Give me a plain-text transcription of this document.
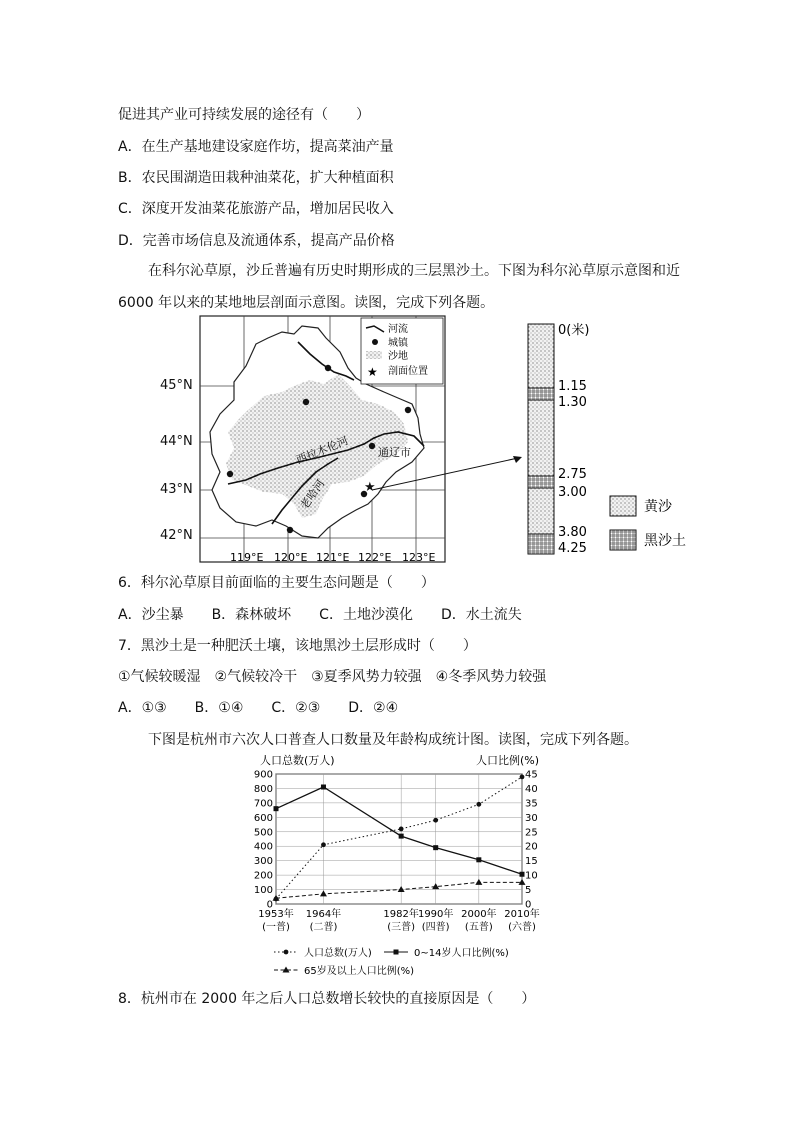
促进其产业可持续发展的途径有（　　）
A．在生产基地建设家庭作坊，提高菜油产量
B．农民围湖造田栽种油菜花，扩大种植面积
C．深度开发油菜花旅游产品，增加居民收入
D．完善市场信息及流通体系，提高产品价格
在科尔沁草原，沙丘普遍有历史时期形成的三层黑沙土。下图为科尔沁草原示意图和近
6000 年以来的某地地层剖面示意图。读图，完成下列各题。
★
西拉木伦河
老哈河
通辽市
河流
城镇
沙地
★ 剖面位置
119°E 120°E 121°E 122°E 123°E
45°N
44°N
43°N
42°N
0(米)
1.15
1.30
2.75
3.00
3.80
4.25
黄沙
黑沙土
6．科尔沁草原目前面临的主要生态问题是（　　）
A．沙尘暴　　B．森林破坏　　C．土地沙漠化　　D．水土流失
7．黑沙土是一种肥沃土壤，该地黑沙土层形成时（　　）
①气候较暖湿　②气候较冷干　③夏季风势力较强　④冬季风势力较强
A．①③　　B．①④　　C．②③　　D．②④
下图是杭州市六次人口普查人口数量及年龄构成统计图。读图，完成下列各题。
人口总数(万人)	人口比例(%)
0
100
200
300
400
500
600
700
800
900
0
5
10
15
20
25
30
35
40
45
1953年
(一普)
1964年
(二普)
1982年
(三普)
1990年
(四普)
2000年
(五普)
2010年
(六普)
人口总数(万人)	0~14岁人口比例(%)
65岁及以上人口比例(%)
8．杭州市在 2000 年之后人口总数增长较快的直接原因是（　　）
